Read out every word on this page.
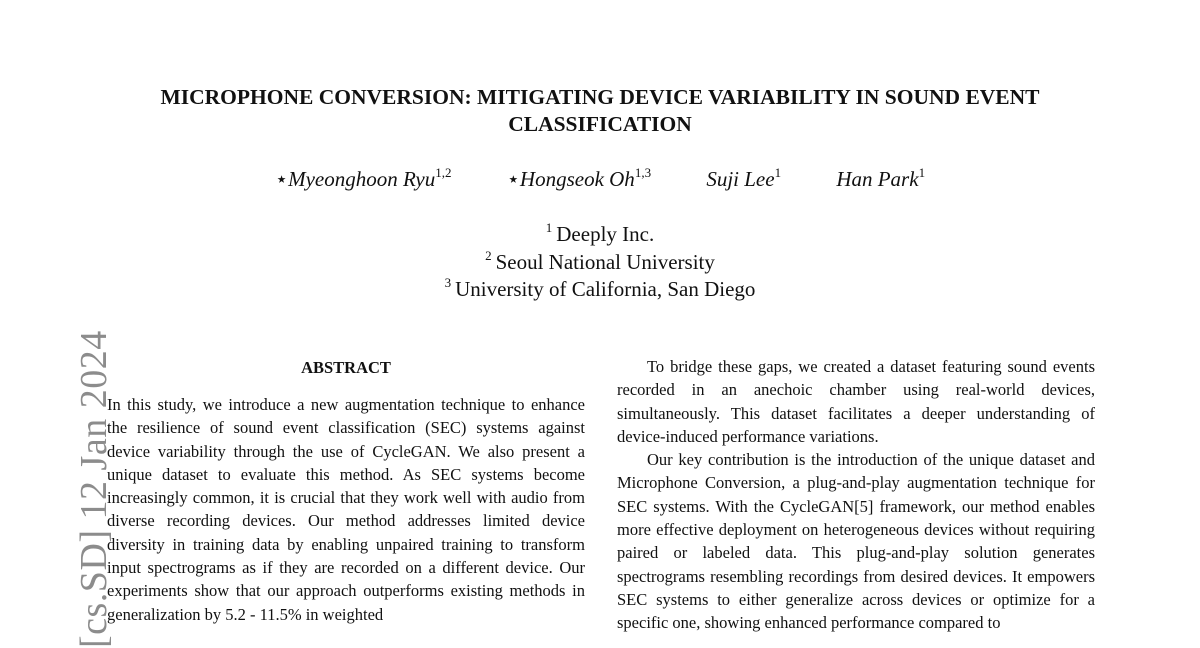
[cs.SD] 12 Jan 2024
MICROPHONE CONVERSION: MITIGATING DEVICE VARIABILITY IN SOUND EVENT
CLASSIFICATION
⋆Myeonghoon Ryu$^{1,2}$	⋆Hongseok Oh$^{1,3}$	Suji Lee$^1$	Han Park$^1$
$^1$ Deeply Inc.
$^2$ Seoul National University
$^3$ University of California, San Diego
ABSTRACT

In this study, we introduce a new augmentation technique to enhance the resilience of sound event classification (SEC) systems against device variability through the use of CycleGAN. We also present a unique dataset to evaluate this method. As SEC systems become increasingly common, it is crucial that they work well with audio from diverse recording devices. Our method addresses limited device diversity in training data by enabling unpaired training to transform input spectrograms as if they are recorded on a different device. Our experiments show that our approach outperforms existing methods in generalization by 5.2 - 11.5% in weighted

To bridge these gaps, we created a dataset featuring sound events recorded in an anechoic chamber using real-world devices, simultaneously. This dataset facilitates a deeper understanding of device-induced performance variations.

Our key contribution is the introduction of the unique dataset and Microphone Conversion, a plug-and-play augmentation technique for SEC systems. With the CycleGAN[5] framework, our method enables more effective deployment on heterogeneous devices without requiring paired or labeled data. This plug-and-play solution generates spectrograms resembling recordings from desired devices. It empowers SEC systems to either generalize across devices or optimize for a specific one, showing enhanced performance compared to
